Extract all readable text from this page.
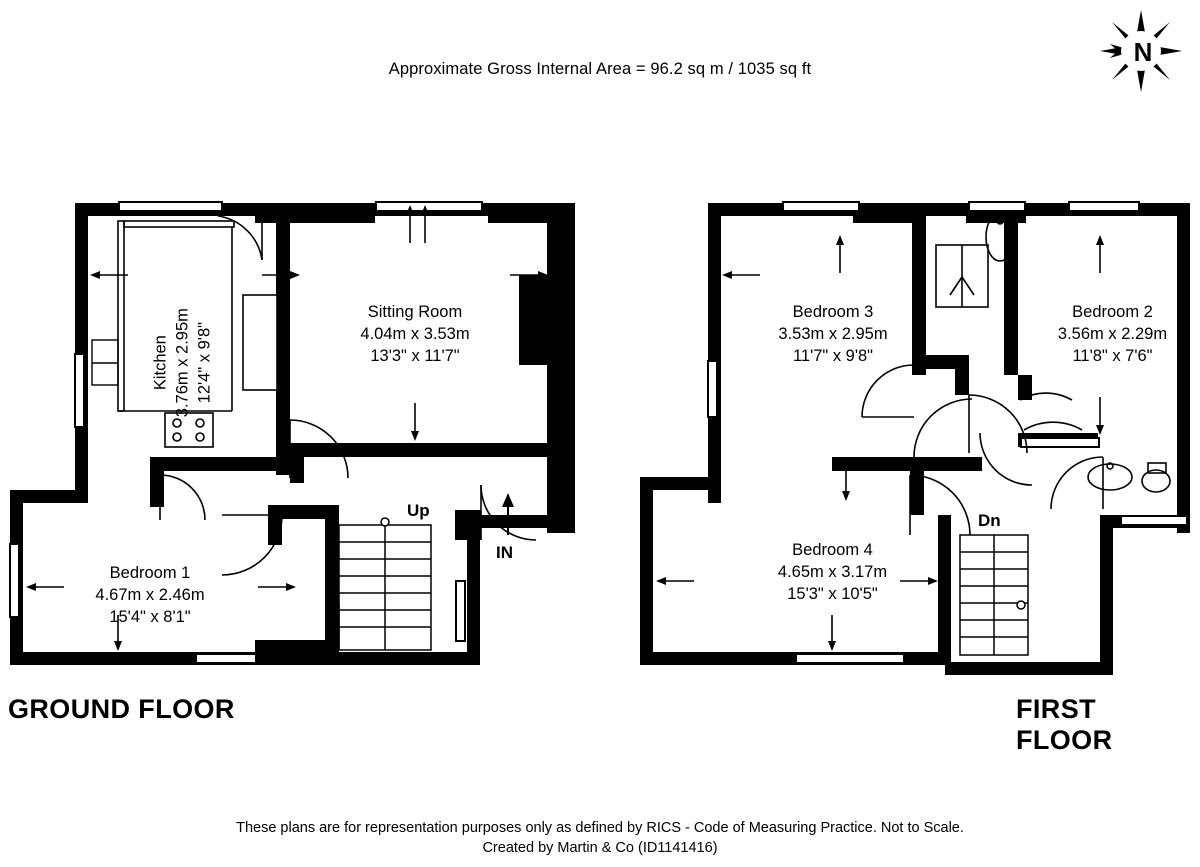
Approximate Gross Internal Area = 96.2 sq m / 1035 sq ft
N
Kitchen 3.76m x 2.95m 12'4" x 9'8"
Sitting Room
4.04m x 3.53m
13'3" x 11'7"
Bedroom 1
4.67m x 2.46m
15'4" x 8'1"
Up
IN
Bedroom 3
3.53m x 2.95m
11'7" x 9'8"
Bedroom 2
3.56m x 2.29m
11'8" x 7'6"
Bedroom 4
4.65m x 3.17m
15'3" x 10'5"
Dn
GROUND FLOOR	FIRST FLOOR
These plans are for representation purposes only as defined by RICS - Code of Measuring Practice. Not to Scale.
Created by Martin & Co (ID1141416)
